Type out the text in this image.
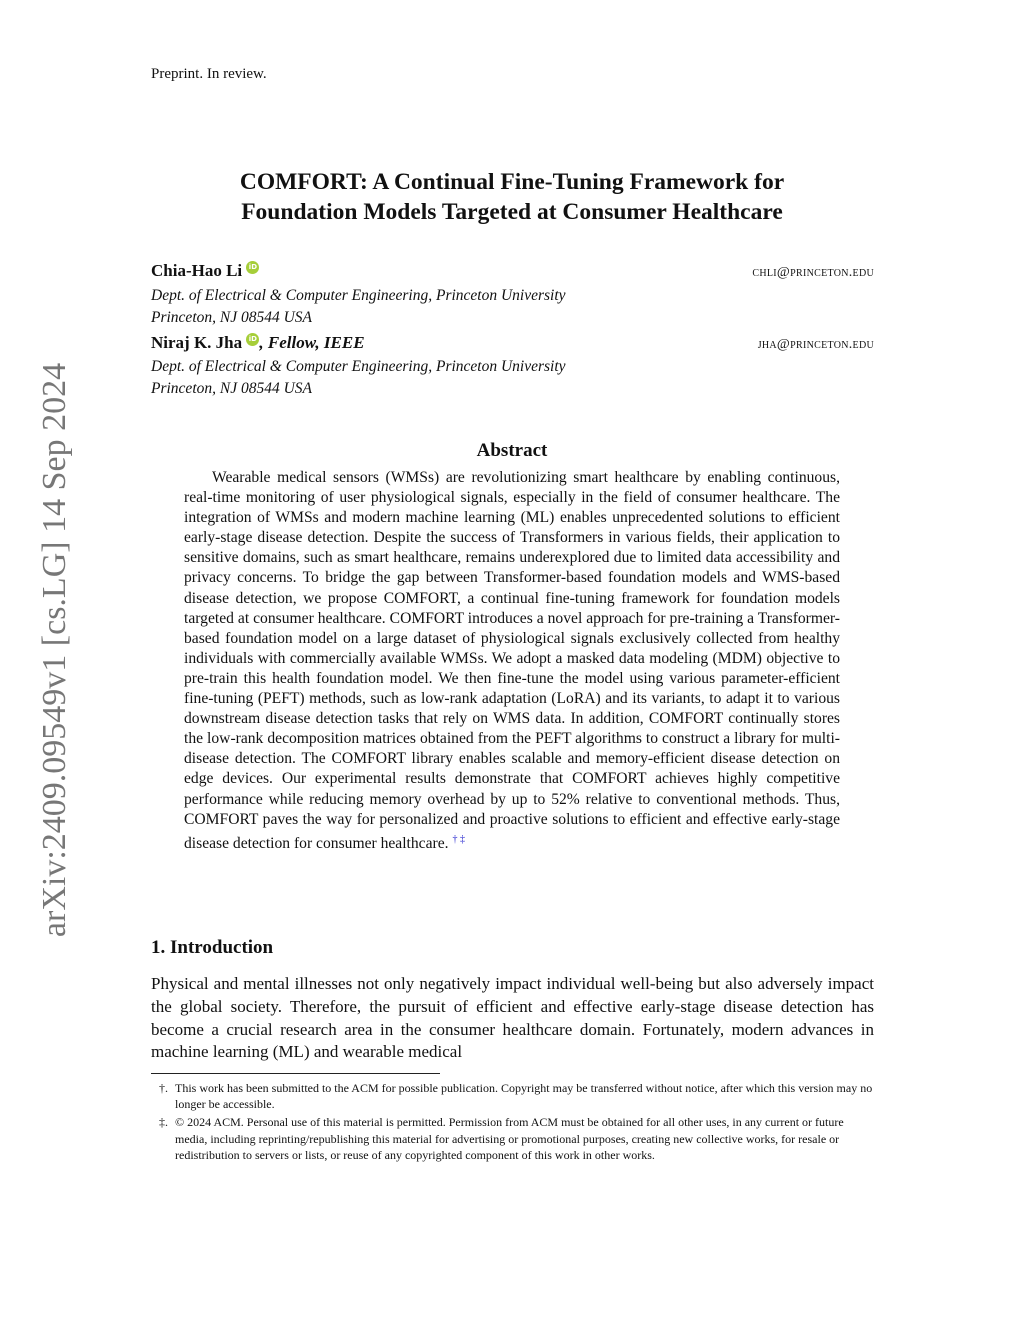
arXiv:2409.09549v1 [cs.LG] 14 Sep 2024
Preprint. In review.
COMFORT: A Continual Fine-Tuning Framework for
Foundation Models Targeted at Consumer Healthcare
Chia-Hao Li iD	chli@princeton.edu
Dept. of Electrical & Computer Engineering, Princeton University
Princeton, NJ 08544 USA
Niraj K. Jha iD , Fellow, IEEE	jha@princeton.edu
Dept. of Electrical & Computer Engineering, Princeton University
Princeton, NJ 08544 USA
Abstract

Wearable medical sensors (WMSs) are revolutionizing smart healthcare by enabling continuous, real-time monitoring of user physiological signals, especially in the field of consumer healthcare. The integration of WMSs and modern machine learning (ML) enables unprecedented solutions to efficient early-stage disease detection. Despite the success of Transformers in various fields, their application to sensitive domains, such as smart healthcare, remains underexplored due to limited data accessibility and privacy concerns. To bridge the gap between Transformer-based foundation models and WMS-based disease detection, we propose COMFORT, a continual fine-tuning framework for foundation models targeted at consumer healthcare. COMFORT introduces a novel approach for pre-training a Transformer-based foundation model on a large dataset of physiological signals exclusively collected from healthy individuals with commercially available WMSs. We adopt a masked data modeling (MDM) objective to pre-train this health foundation model. We then fine-tune the model using various parameter-efficient fine-tuning (PEFT) methods, such as low-rank adaptation (LoRA) and its variants, to adapt it to various downstream disease detection tasks that rely on WMS data. In addition, COMFORT continually stores the low-rank decomposition matrices obtained from the PEFT algorithms to construct a library for multi-disease detection. The COMFORT library enables scalable and memory-efficient disease detection on edge devices. Our experimental results demonstrate that COMFORT achieves highly competitive performance while reducing memory overhead by up to 52% relative to conventional methods. Thus, COMFORT paves the way for personalized and proactive solutions to efficient and effective early-stage disease detection for consumer healthcare. † ‡

1. Introduction
Physical and mental illnesses not only negatively impact individual well-being but also adversely impact the global society. Therefore, the pursuit of efficient and effective early-stage disease detection has become a crucial research area in the consumer healthcare domain. Fortunately, modern advances in machine learning (ML) and wearable medical
†. This work has been submitted to the ACM for possible publication. Copyright may be transferred without notice, after which this version may no longer be accessible.
‡. © 2024 ACM. Personal use of this material is permitted. Permission from ACM must be obtained for all other uses, in any current or future media, including reprinting/republishing this material for advertising or promotional purposes, creating new collective works, for resale or redistribution to servers or lists, or reuse of any copyrighted component of this work in other works.
